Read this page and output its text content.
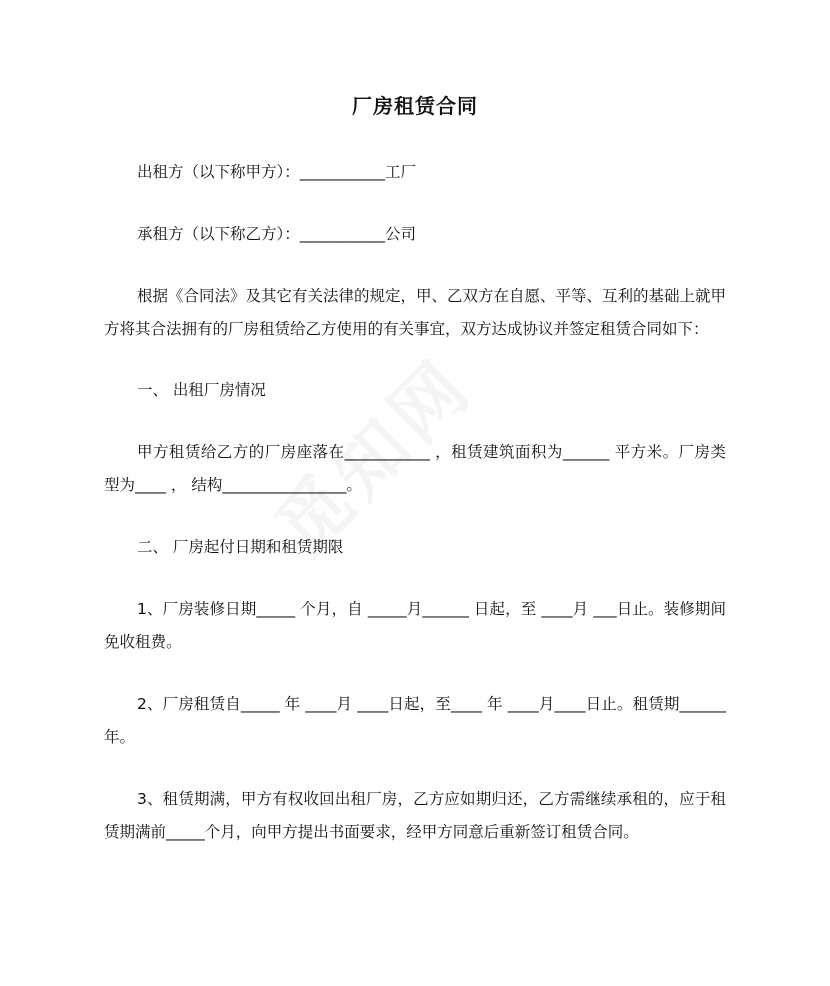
厂房租赁合同
出租方（以下称甲方）：___________工厂
承租方（以下称乙方）：___________公司
根据《合同法》及其它有关法律的规定，甲、乙双方在自愿、平等、互利的基础上就甲方将其合法拥有的厂房租赁给乙方使用的有关事宜，双方达成协议并签定租赁合同如下：
一、 出租厂房情况
甲方租赁给乙方的厂房座落在___________ ，租赁建筑面积为______ 平方米。厂房类型为____ ， 结构________________。
二、 厂房起付日期和租赁期限
1、厂房装修日期_____ 个月，自 _____月______ 日起，至 ____月 ___日止。装修期间免收租费。
2、厂房租赁自_____ 年 ____月 ____日起，至____ 年 ____月____日止。租赁期______年。
3、租赁期满，甲方有权收回出租厂房，乙方应如期归还，乙方需继续承租的，应于租赁期满前_____个月，向甲方提出书面要求，经甲方同意后重新签订租赁合同。
